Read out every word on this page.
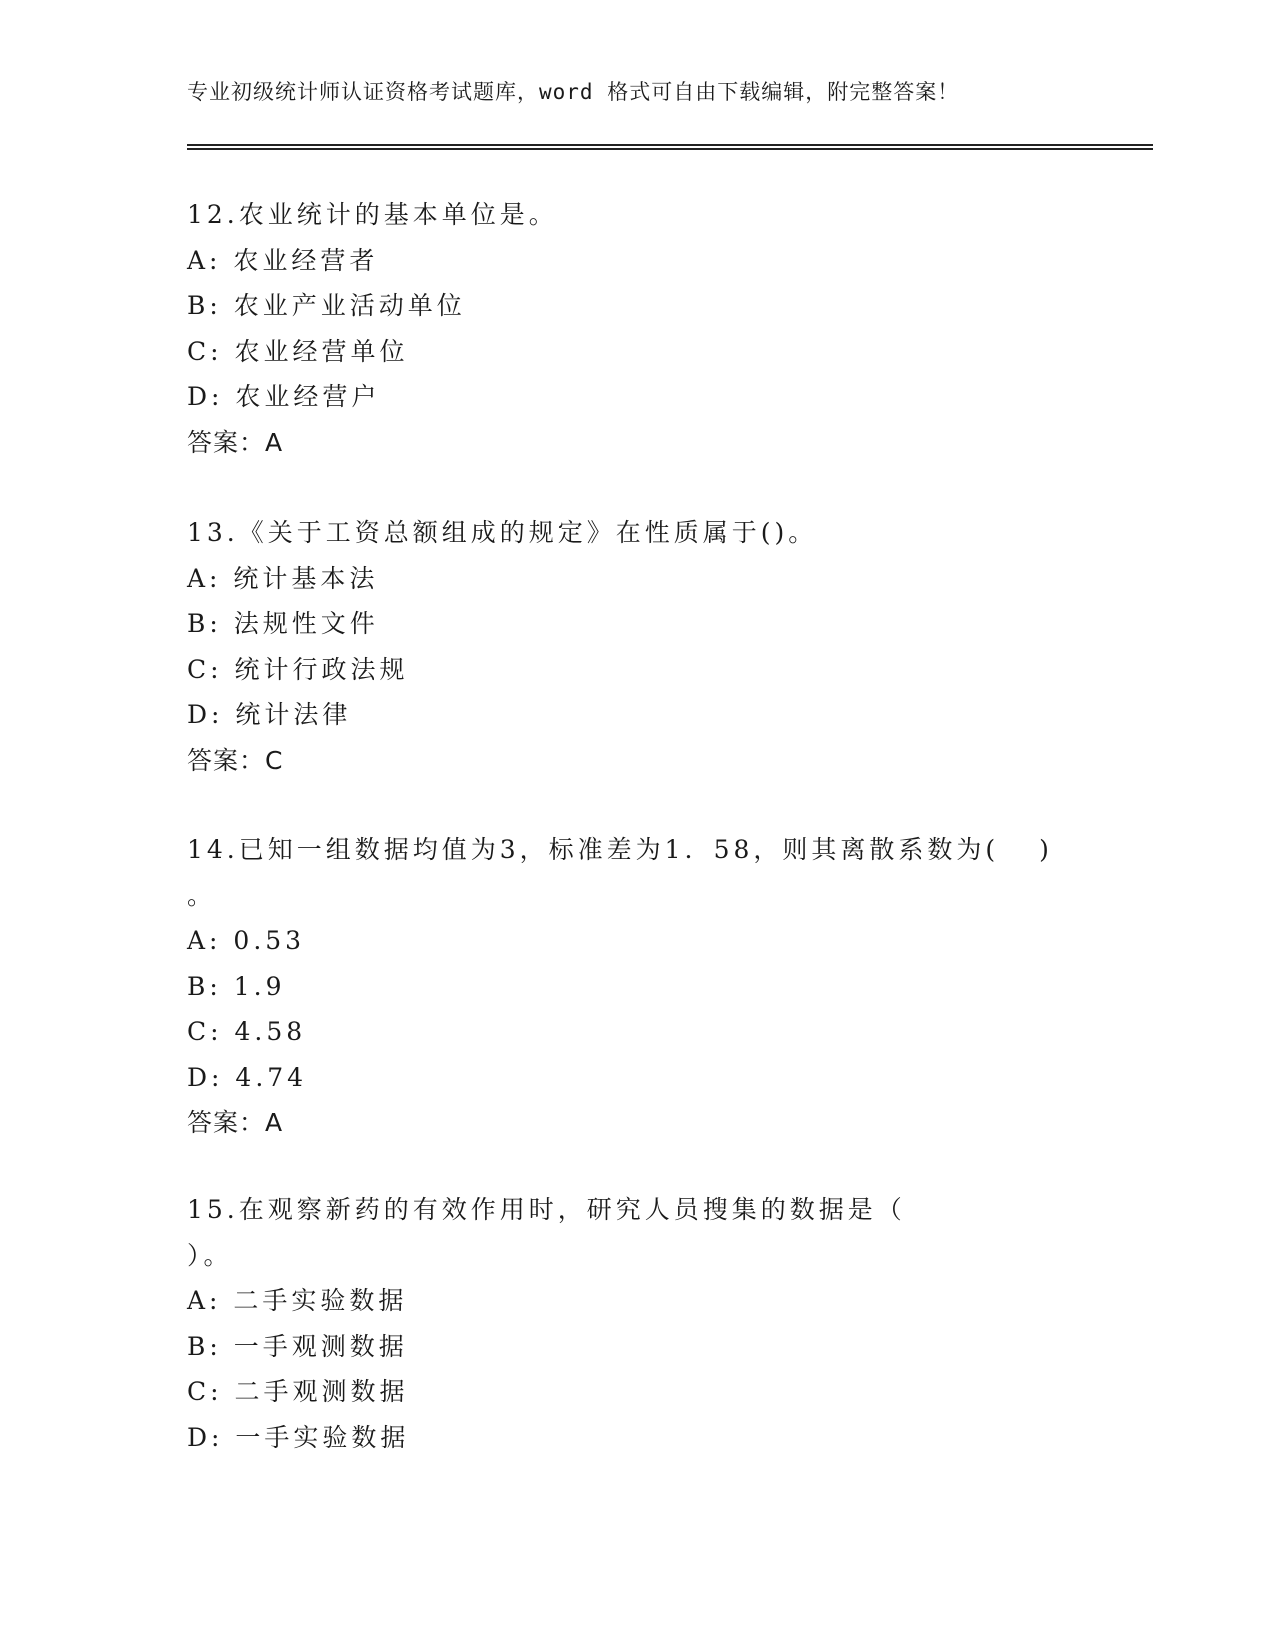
专业初级统计师认证资格考试题库，word 格式可自由下载编辑，附完整答案！
12.农业统计的基本单位是。
A: 农业经营者
B: 农业产业活动单位
C: 农业经营单位
D: 农业经营户
答案：A
13.《关于工资总额组成的规定》在性质属于()。
A: 统计基本法
B: 法规性文件
C: 统计行政法规
D: 统计法律
答案：C
14.已知一组数据均值为3，标准差为1．58，则其离散系数为( )
。
A: 0.53
B: 1.9
C: 4.58
D: 4.74
答案：A
15.在观察新药的有效作用时，研究人员搜集的数据是（
）。
A: 二手实验数据
B: 一手观测数据
C: 二手观测数据
D: 一手实验数据
